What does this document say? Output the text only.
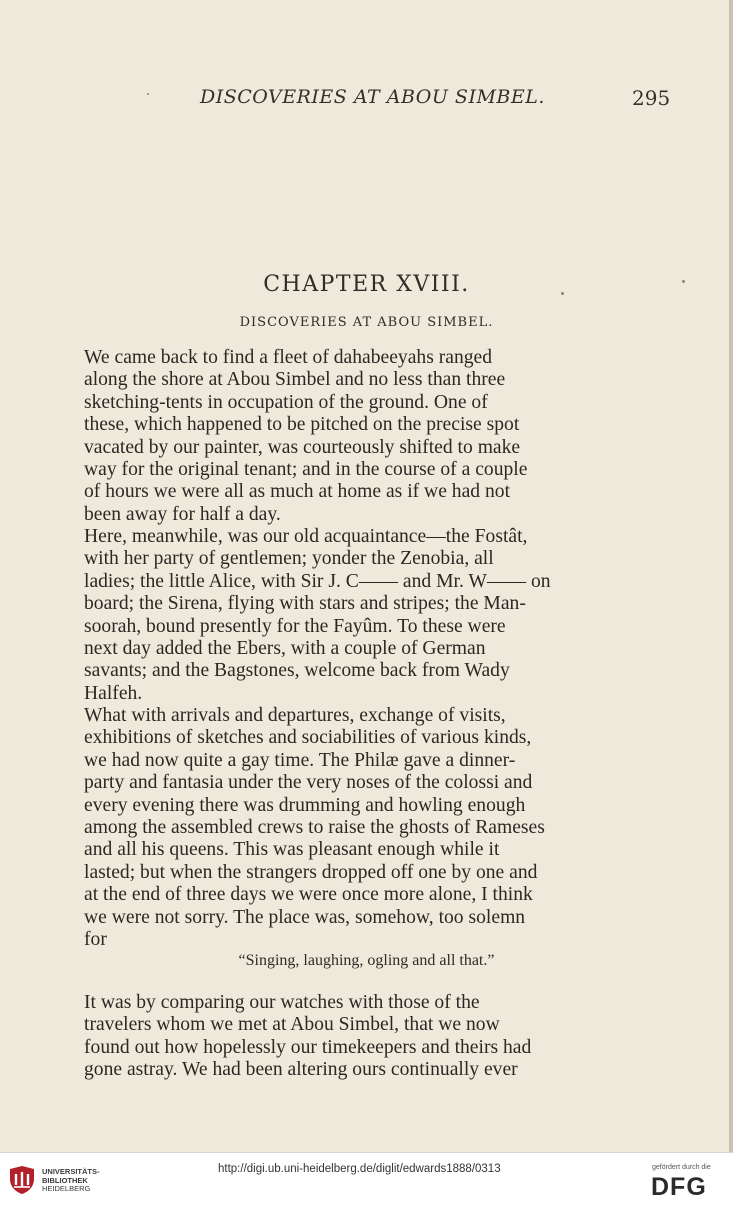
DISCOVERIES AT ABOU SIMBEL.	295
CHAPTER XVIII.
DISCOVERIES AT ABOU SIMBEL.
We came back to find a fleet of dahabeeyahs ranged
along the shore at Abou Simbel and no less than three
sketching-tents in occupation of the ground. One of
these, which happened to be pitched on the precise spot
vacated by our painter, was courteously shifted to make
way for the original tenant; and in the course of a couple
of hours we were all as much at home as if we had not
been away for half a day.
Here, meanwhile, was our old acquaintance—the Fostât,
with her party of gentlemen; yonder the Zenobia, all
ladies; the little Alice, with Sir J. C—— and Mr. W—— on
board; the Sirena, flying with stars and stripes; the Man-
soorah, bound presently for the Fayûm. To these were
next day added the Ebers, with a couple of German
savants; and the Bagstones, welcome back from Wady
Halfeh.
What with arrivals and departures, exchange of visits,
exhibitions of sketches and sociabilities of various kinds,
we had now quite a gay time. The Philæ gave a dinner-
party and fantasia under the very noses of the colossi and
every evening there was drumming and howling enough
among the assembled crews to raise the ghosts of Rameses
and all his queens. This was pleasant enough while it
lasted; but when the strangers dropped off one by one and
at the end of three days we were once more alone, I think
we were not sorry. The place was, somehow, too solemn
for
“Singing, laughing, ogling and all that.”
It was by comparing our watches with those of the
travelers whom we met at Abou Simbel, that we now
found out how hopelessly our timekeepers and theirs had
gone astray. We had been altering ours continually ever
UNIVERSITÄTS-
BIBLIOTHEK
HEIDELBERG
gefördert durch die
DFG
http://digi.ub.uni-heidelberg.de/diglit/edwards1888/0313
